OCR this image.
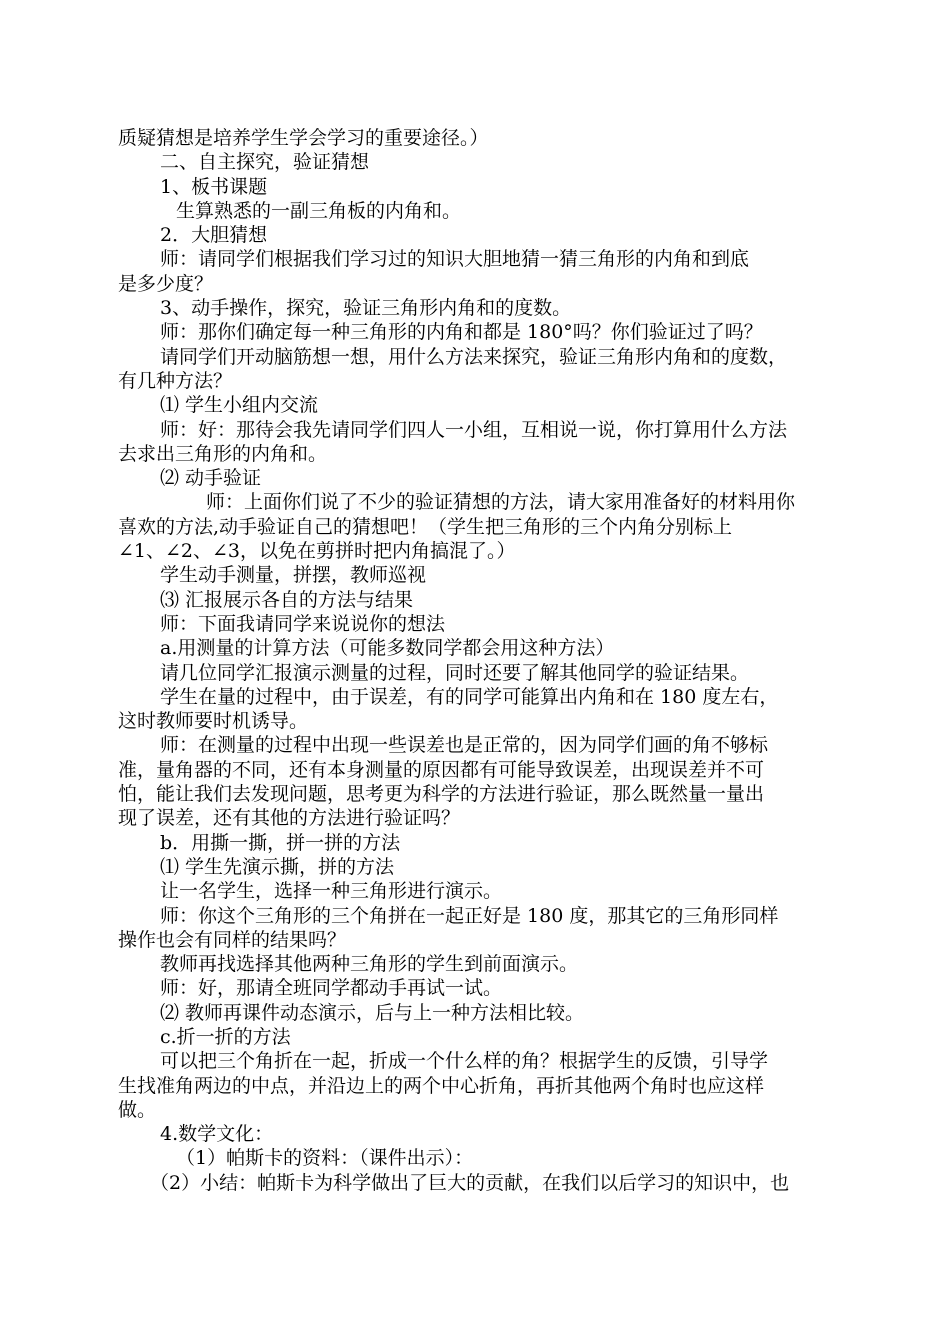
质疑猜想是培养学生学会学习的重要途径。）

二、自主探究，验证猜想

1、板书课题

生算熟悉的一副三角板的内角和。

2．大胆猜想

师：请同学们根据我们学习过的知识大胆地猜一猜三角形的内角和到底

是多少度？

3、动手操作，探究，验证三角形内角和的度数。

师：那你们确定每一种三角形的内角和都是 180°吗？你们验证过了吗？

请同学们开动脑筋想一想，用什么方法来探究，验证三角形内角和的度数，

有几种方法？

⑴ 学生小组内交流

师：好：那待会我先请同学们四人一小组，互相说一说，你打算用什么方法

去求出三角形的内角和。

⑵ 动手验证

师：上面你们说了不少的验证猜想的方法，请大家用准备好的材料用你

喜欢的方法,动手验证自己的猜想吧！（学生把三角形的三个内角分别标上

∠1、∠2、∠3，以免在剪拼时把内角搞混了。）

学生动手测量，拼摆，教师巡视

⑶ 汇报展示各自的方法与结果

师：下面我请同学来说说你的想法

a.用测量的计算方法（可能多数同学都会用这种方法）

请几位同学汇报演示测量的过程，同时还要了解其他同学的验证结果。

学生在量的过程中，由于误差，有的同学可能算出内角和在 180 度左右，

这时教师要时机诱导。

师：在测量的过程中出现一些误差也是正常的，因为同学们画的角不够标

准，量角器的不同，还有本身测量的原因都有可能导致误差，出现误差并不可

怕，能让我们去发现问题，思考更为科学的方法进行验证，那么既然量一量出

现了误差，还有其他的方法进行验证吗？

b．用撕一撕，拼一拼的方法

⑴ 学生先演示撕，拼的方法

让一名学生，选择一种三角形进行演示。

师：你这个三角形的三个角拼在一起正好是 180 度，那其它的三角形同样

操作也会有同样的结果吗？

教师再找选择其他两种三角形的学生到前面演示。

师：好，那请全班同学都动手再试一试。

⑵ 教师再课件动态演示，后与上一种方法相比较。

c.折一折的方法

可以把三个角折在一起，折成一个什么样的角？根据学生的反馈，引导学

生找准角两边的中点，并沿边上的两个中心折角，再折其他两个角时也应这样

做。

4.数学文化：

（1）帕斯卡的资料：（课件出示）：

（2）小结：帕斯卡为科学做出了巨大的贡献，在我们以后学习的知识中，也
